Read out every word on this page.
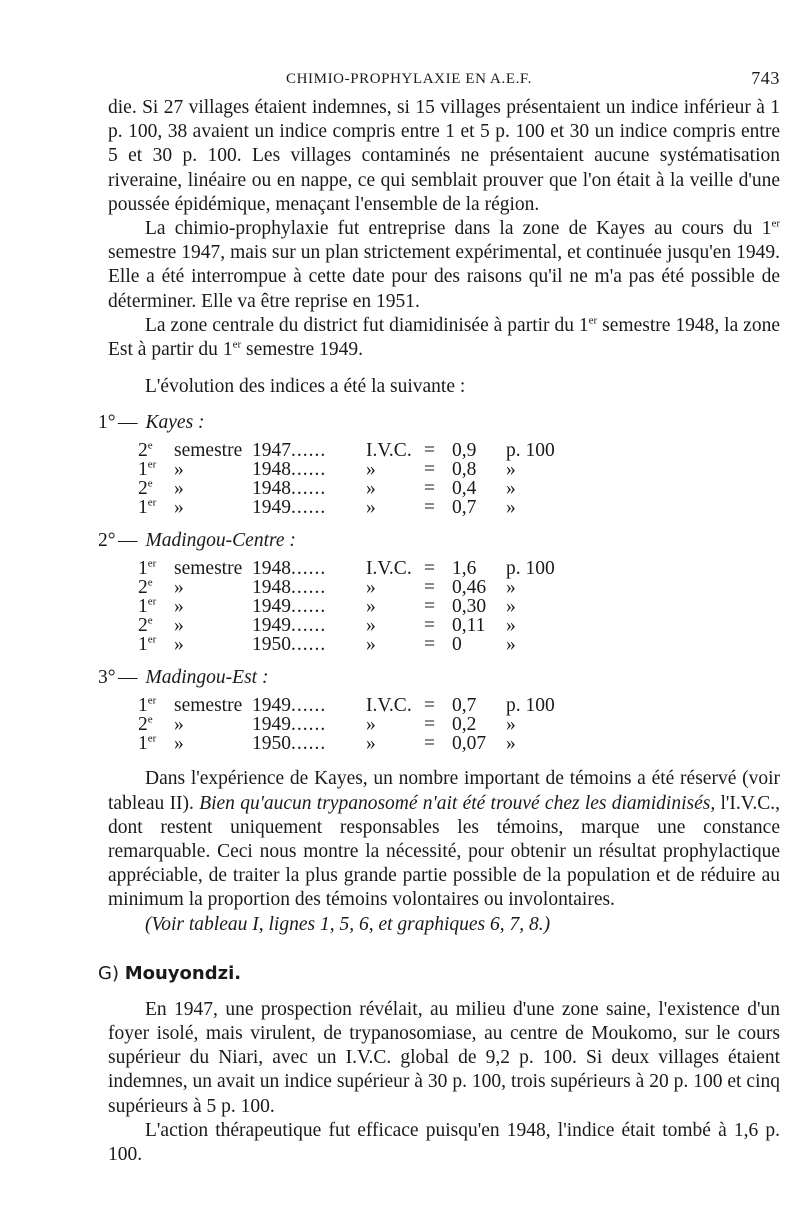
CHIMIO-PROPHYLAXIE EN A.E.F.	743

die. Si 27 villages étaient indemnes, si 15 villages présentaient un indice inférieur à 1 p. 100, 38 avaient un indice compris entre 1 et 5 p. 100 et 30 un indice compris entre 5 et 30 p. 100. Les villages contaminés ne présentaient aucune systématisation riveraine, linéaire ou en nappe, ce qui semblait prouver que l'on était à la veille d'une poussée épidémique, menaçant l'ensemble de la région.

La chimio-prophylaxie fut entreprise dans la zone de Kayes au cours du 1er semestre 1947, mais sur un plan strictement expérimental, et continuée jusqu'en 1949. Elle a été interrompue à cette date pour des raisons qu'il ne m'a pas été possible de déterminer. Elle va être reprise en 1951.

La zone centrale du district fut diamidinisée à partir du 1er semestre 1948, la zone Est à partir du 1er semestre 1949.

L'évolution des indices a été la suivante :

1° — Kayes :
2e	semestre	1947......	I.V.C.	=	0,9	p. 100
1er	»	1948......	»	=	0,8	»
2e	»	1948......	»	=	0,4	»
1er	»	1949......	»	=	0,7	»
2° — Madingou-Centre :
1er	semestre	1948......	I.V.C.	=	1,6	p. 100
2e	»	1948......	»	=	0,46	»
1er	»	1949......	»	=	0,30	»
2e	»	1949......	»	=	0,11	»
1er	»	1950......	»	=	0	»
3° — Madingou-Est :
1er	semestre	1949......	I.V.C.	=	0,7	p. 100
2e	»	1949......	»	=	0,2	»
1er	»	1950......	»	=	0,07	»

Dans l'expérience de Kayes, un nombre important de témoins a été réservé (voir tableau II). Bien qu'aucun trypanosomé n'ait été trouvé chez les diamidinisés, l'I.V.C., dont restent uniquement responsables les témoins, marque une constance remarquable. Ceci nous montre la nécessité, pour obtenir un résultat prophylactique appréciable, de traiter la plus grande partie possible de la population et de réduire au minimum la proportion des témoins volontaires ou involontaires.

(Voir tableau I, lignes 1, 5, 6, et graphiques 6, 7, 8.)

G) Mouyondzi.

En 1947, une prospection révélait, au milieu d'une zone saine, l'existence d'un foyer isolé, mais virulent, de trypanosomiase, au centre de Moukomo, sur le cours supérieur du Niari, avec un I.V.C. global de 9,2 p. 100. Si deux villages étaient indemnes, un avait un indice supérieur à 30 p. 100, trois supérieurs à 20 p. 100 et cinq supérieurs à 5 p. 100.

L'action thérapeutique fut efficace puisqu'en 1948, l'indice était tombé à 1,6 p. 100.
